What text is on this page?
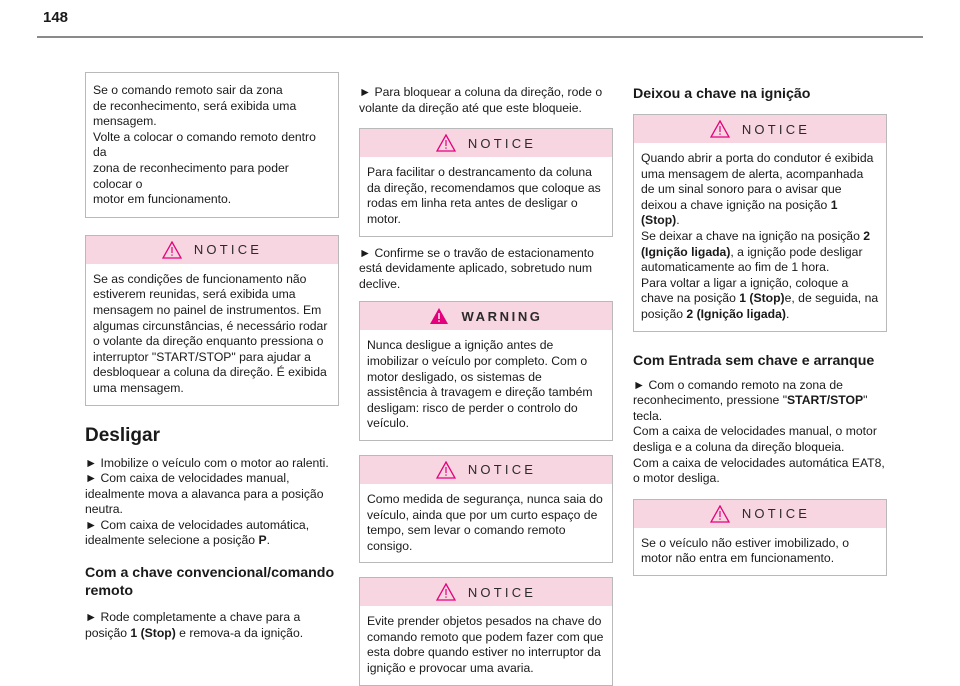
148

Se o comando remoto sair da zona

de reconhecimento, será exibida uma

mensagem.

Volte a colocar o comando remoto dentro da

zona de reconhecimento para poder colocar o

motor em funcionamento.

NOTICE

Se as condições de funcionamento não estiverem reunidas, será exibida uma mensagem no painel de instrumentos. Em algumas circunstâncias, é necessário rodar o volante da direção enquanto pressiona o interruptor "START/STOP" para ajudar a desbloquear a coluna da direção. É exibida uma mensagem.

Desligar

► Imobilize o veículo com o motor ao ralenti.

► Com caixa de velocidades manual, idealmente mova a alavanca para a posição neutra.

► Com caixa de velocidades automática, idealmente selecione a posição P.

Com a chave convencional/comando remoto

► Rode completamente a chave para a posição 1 (Stop) e removа-a da ignição.

► Para bloquear a coluna da direção, rode o volante da direção até que este bloqueie.

NOTICE

Para facilitar o destrancamento da coluna da direção, recomendamos que coloque as rodas em linha reta antes de desligar o motor.

► Confirme se o travão de estacionamento está devidamente aplicado, sobretudo num declive.

WARNING

Nunca desligue a ignição antes de imobilizar o veículo por completo. Com o motor desligado, os sistemas de assistência à travagem e direção também desligam: risco de perder o controlo do veículo.

NOTICE

Como medida de segurança, nunca saia do veículo, ainda que por um curto espaço de tempo, sem levar o comando remoto consigo.

NOTICE

Evite prender objetos pesados na chave do comando remoto que podem fazer com que esta dobre quando estiver no interruptor da ignição e provocar uma avaria.

Deixou a chave na ignição
NOTICE

Quando abrir a porta do condutor é exibida uma mensagem de alerta, acompanhada de um sinal sonoro para o avisar que deixou a chave ignição na posição 1 (Stop).

Se deixar a chave na ignição na posição 2 (Ignição ligada), a ignição pode desligar automaticamente ao fim de 1 hora.

Para voltar a ligar a ignição, coloque a chave na posição 1 (Stop)e, de seguida, na posição 2 (Ignição ligada).

Com Entrada sem chave e arranque

► Com o comando remoto na zona de reconhecimento, pressione "START/STOP" tecla.

Com a caixa de velocidades manual, o motor desliga e a coluna da direção bloqueia.

Com a caixa de velocidades automática EAT8, o motor desliga.

NOTICE

Se o veículo não estiver imobilizado, o motor não entra em funcionamento.
